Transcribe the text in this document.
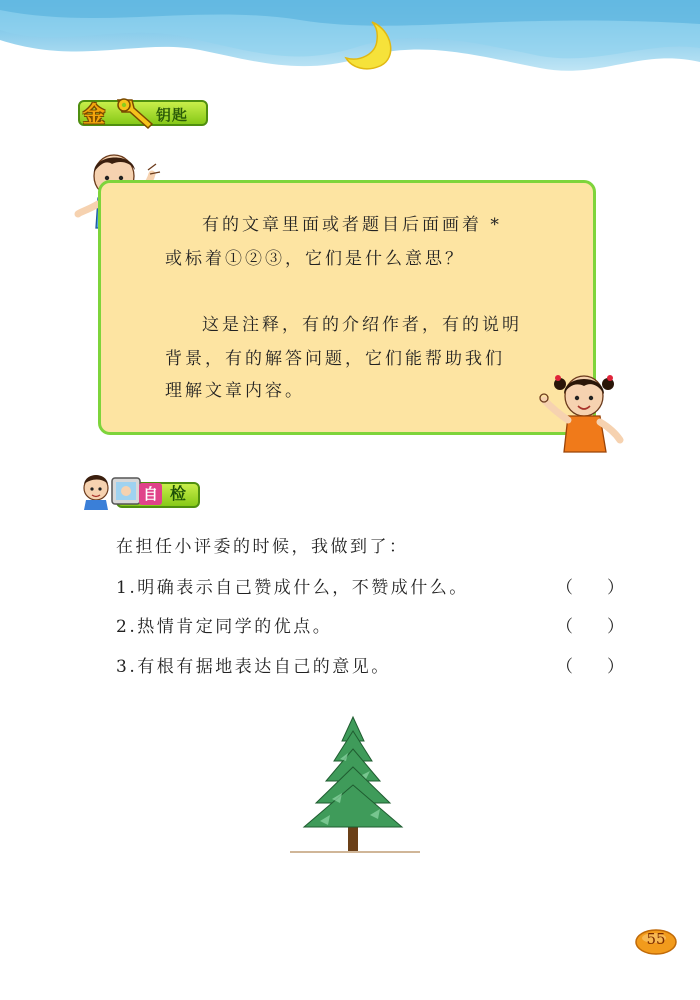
金	钥匙
有的文章里面或者题目后面画着 *
或标着①②③，它们是什么意思？
这是注释，有的介绍作者，有的说明
背景，有的解答问题，它们能帮助我们
理解文章内容。
自 检
在担任小评委的时候，我做到了：
1.明确表示自己赞成什么，不赞成什么。	（　　）
2.热情肯定同学的优点。	（　　）
3.有根有据地表达自己的意见。	（　　）
55
